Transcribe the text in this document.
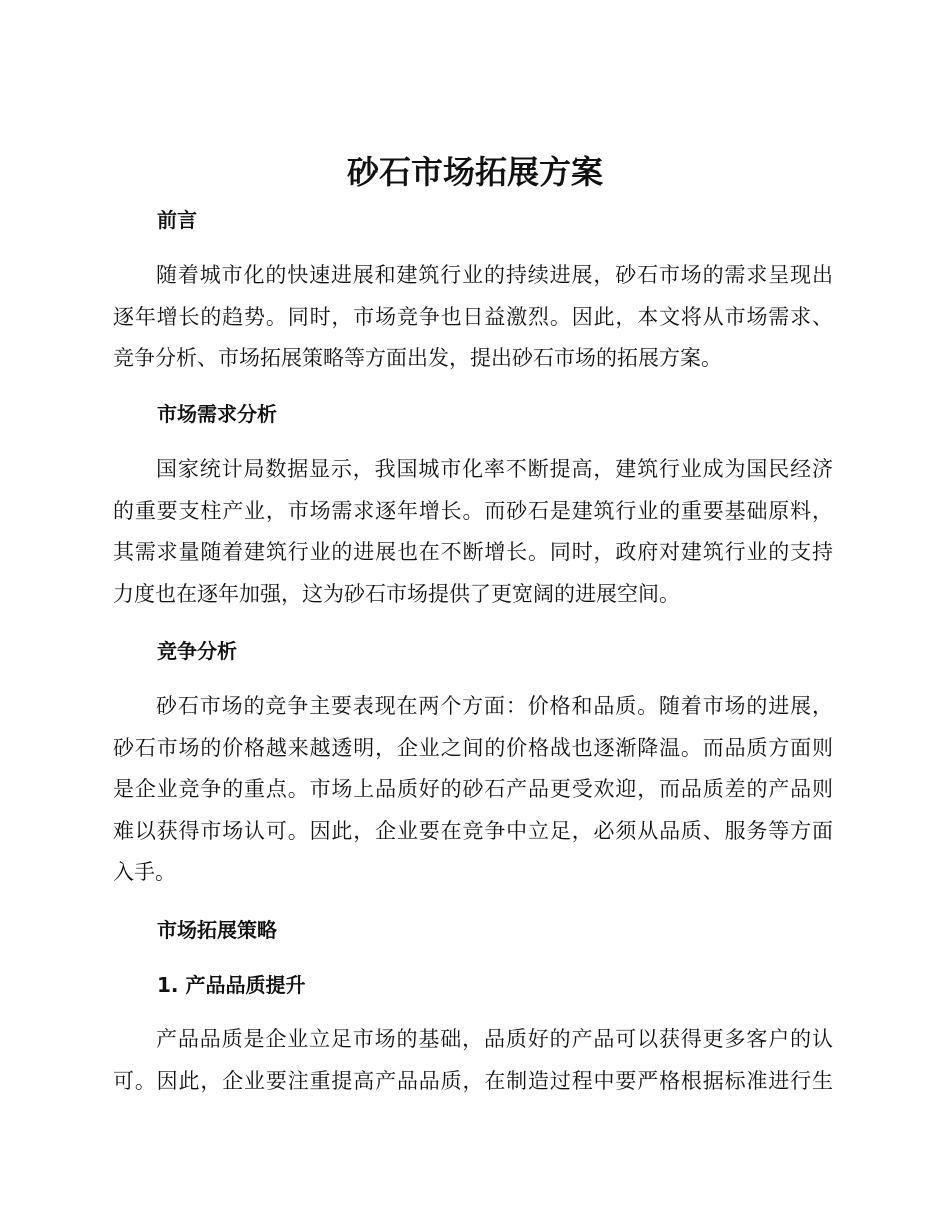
砂石市场拓展方案
前言
随着城市化的快速进展和建筑行业的持续进展，砂石市场的需求呈现出
逐年增长的趋势。同时，市场竞争也日益激烈。因此，本文将从市场需求、
竞争分析、市场拓展策略等方面出发，提出砂石市场的拓展方案。
市场需求分析
国家统计局数据显示，我国城市化率不断提高，建筑行业成为国民经济
的重要支柱产业，市场需求逐年增长。而砂石是建筑行业的重要基础原料，
其需求量随着建筑行业的进展也在不断增长。同时，政府对建筑行业的支持
力度也在逐年加强，这为砂石市场提供了更宽阔的进展空间。
竞争分析
砂石市场的竞争主要表现在两个方面：价格和品质。随着市场的进展，
砂石市场的价格越来越透明，企业之间的价格战也逐渐降温。而品质方面则
是企业竞争的重点。市场上品质好的砂石产品更受欢迎，而品质差的产品则
难以获得市场认可。因此，企业要在竞争中立足，必须从品质、服务等方面
入手。
市场拓展策略
1. 产品品质提升
产品品质是企业立足市场的基础，品质好的产品可以获得更多客户的认
可。因此，企业要注重提高产品品质，在制造过程中要严格根据标准进行生
